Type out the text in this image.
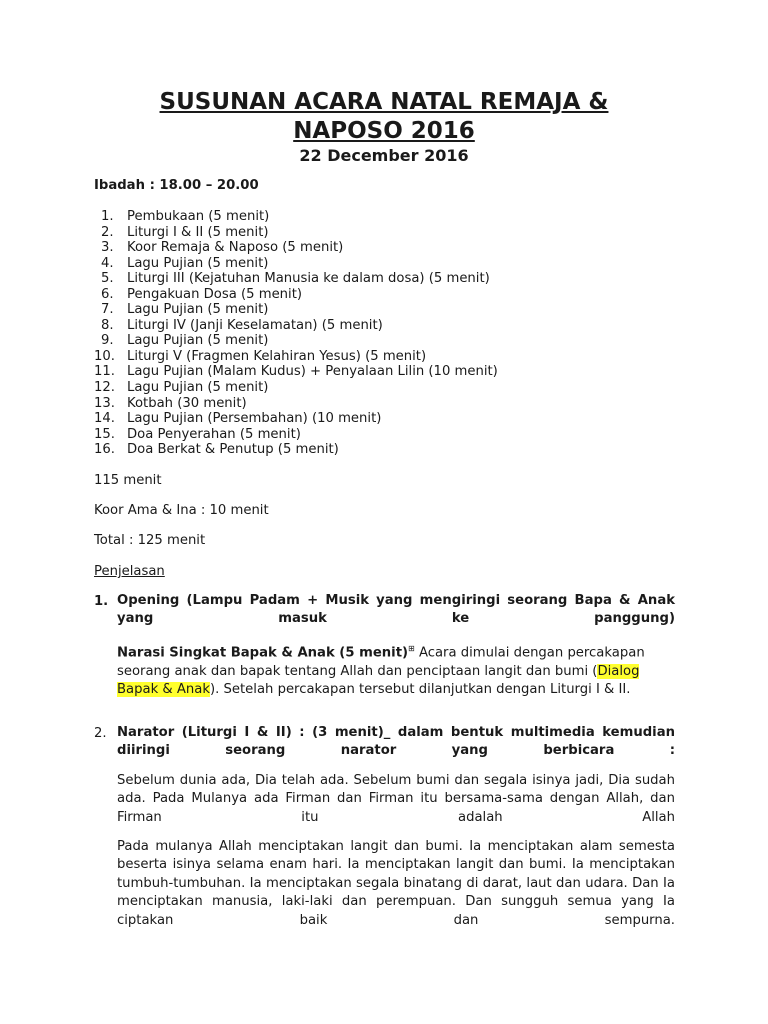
SUSUNAN ACARA NATAL REMAJA &
NAPOSO 2016
22 December 2016
Ibadah : 18.00 – 20.00
1. Pembukaan (5 menit)
2. Liturgi I & II (5 menit)
3. Koor Remaja & Naposo (5 menit)
4. Lagu Pujian (5 menit)
5. Liturgi III (Kejatuhan Manusia ke dalam dosa) (5 menit)
6. Pengakuan Dosa (5 menit)
7. Lagu Pujian (5 menit)
8. Liturgi IV (Janji Keselamatan) (5 menit)
9. Lagu Pujian (5 menit)
10. Liturgi V (Fragmen Kelahiran Yesus) (5 menit)
11. Lagu Pujian (Malam Kudus) + Penyalaan Lilin (10 menit)
12. Lagu Pujian (5 menit)
13. Kotbah (30 menit)
14. Lagu Pujian (Persembahan) (10 menit)
15. Doa Penyerahan (5 menit)
16. Doa Berkat & Penutup (5 menit)
115 menit
Koor Ama & Ina : 10 menit
Total : 125 menit
Penjelasan
1. Opening (Lampu Padam + Musik yang mengiringi seorang Bapa & Anak yang masuk ke panggung)
Narasi Singkat Bapak & Anak (5 menit)⊞ Acara dimulai dengan percakapan seorang anak dan bapak tentang Allah dan penciptaan langit dan bumi (Dialog Bapak & Anak). Setelah percakapan tersebut dilanjutkan dengan Liturgi I & II.
2. Narator (Liturgi I & II) : (3 menit)_ dalam bentuk multimedia kemudian diiringi seorang narator yang berbicara :
Sebelum dunia ada, Dia telah ada. Sebelum bumi dan segala isinya jadi, Dia sudah ada. Pada Mulanya ada Firman dan Firman itu bersama-sama dengan Allah, dan Firman itu adalah Allah
Pada mulanya Allah menciptakan langit dan bumi. Ia menciptakan alam semesta beserta isinya selama enam hari. Ia menciptakan langit dan bumi. Ia menciptakan tumbuh-tumbuhan. Ia menciptakan segala binatang di darat, laut dan udara. Dan Ia menciptakan manusia, laki-laki dan perempuan. Dan sungguh semua yang Ia ciptakan baik dan sempurna.
